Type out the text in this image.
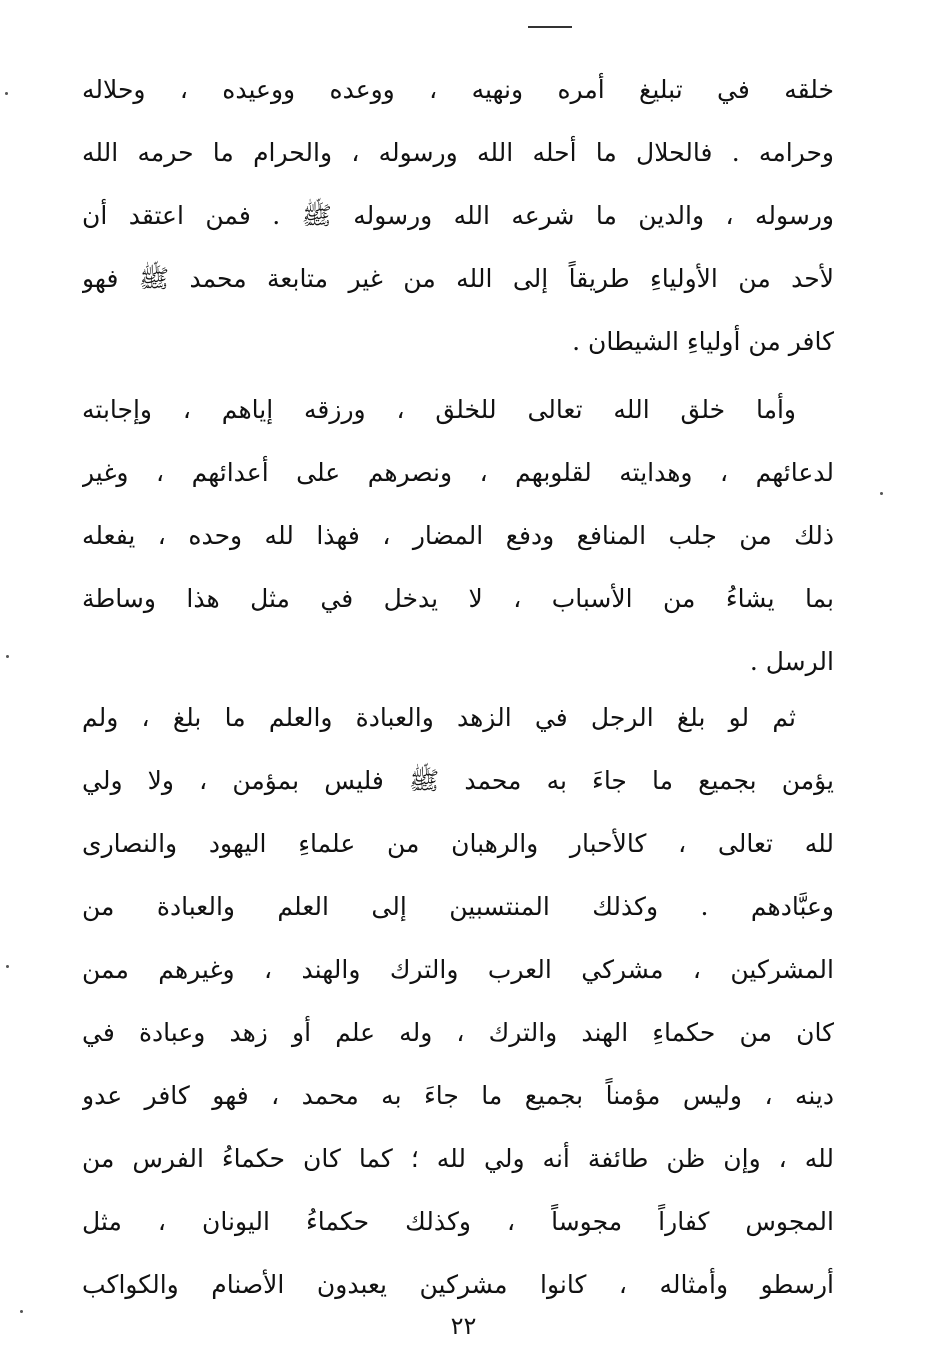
خلقه في تبليغ أمره ونهيه ، ووعده ووعيده ، وحلاله
وحرامه . فالحلال ما أحله الله ورسوله ، والحرام ما حرمه الله
ورسوله ، والدين ما شرعه الله ورسوله ﷺ . فمن اعتقد أن
لأحد من الأولياءِ طريقاً إلى الله من غير متابعة محمد ﷺ فهو
كافر من أولياءِ الشيطان .
وأما خلق الله تعالى للخلق ، ورزقه إياهم ، وإجابته
لدعائهم ، وهدايته لقلوبهم ، ونصرهم على أعدائهم ، وغير
ذلك من جلب المنافع ودفع المضار ، فهذا لله وحده ، يفعله
بما يشاءُ من الأسباب ، لا يدخل في مثل هذا وساطة
الرسل .
ثم لو بلغ الرجل في الزهد والعبادة والعلم ما بلغ ، ولم
يؤمن بجميع ما جاءَ به محمد ﷺ فليس بمؤمن ، ولا ولي
لله تعالى ، كالأحبار والرهبان من علماءِ اليهود والنصارى
وعبَّادهم . وكذلك المنتسبين إلى العلم والعبادة من
المشركين ، مشركي العرب والترك والهند ، وغيرهم ممن
كان من حكماءِ الهند والترك ، وله علم أو زهد وعبادة في
دينه ، وليس مؤمناً بجميع ما جاءَ به محمد ، فهو كافر عدو
لله ، وإن ظن طائفة أنه ولي لله ؛ كما كان حكماءُ الفرس من
المجوس كفاراً مجوساً ، وكذلك حكماءُ اليونان ، مثل
أرسطو وأمثاله ، كانوا مشركين يعبدون الأصنام والكواكب
٢٢
